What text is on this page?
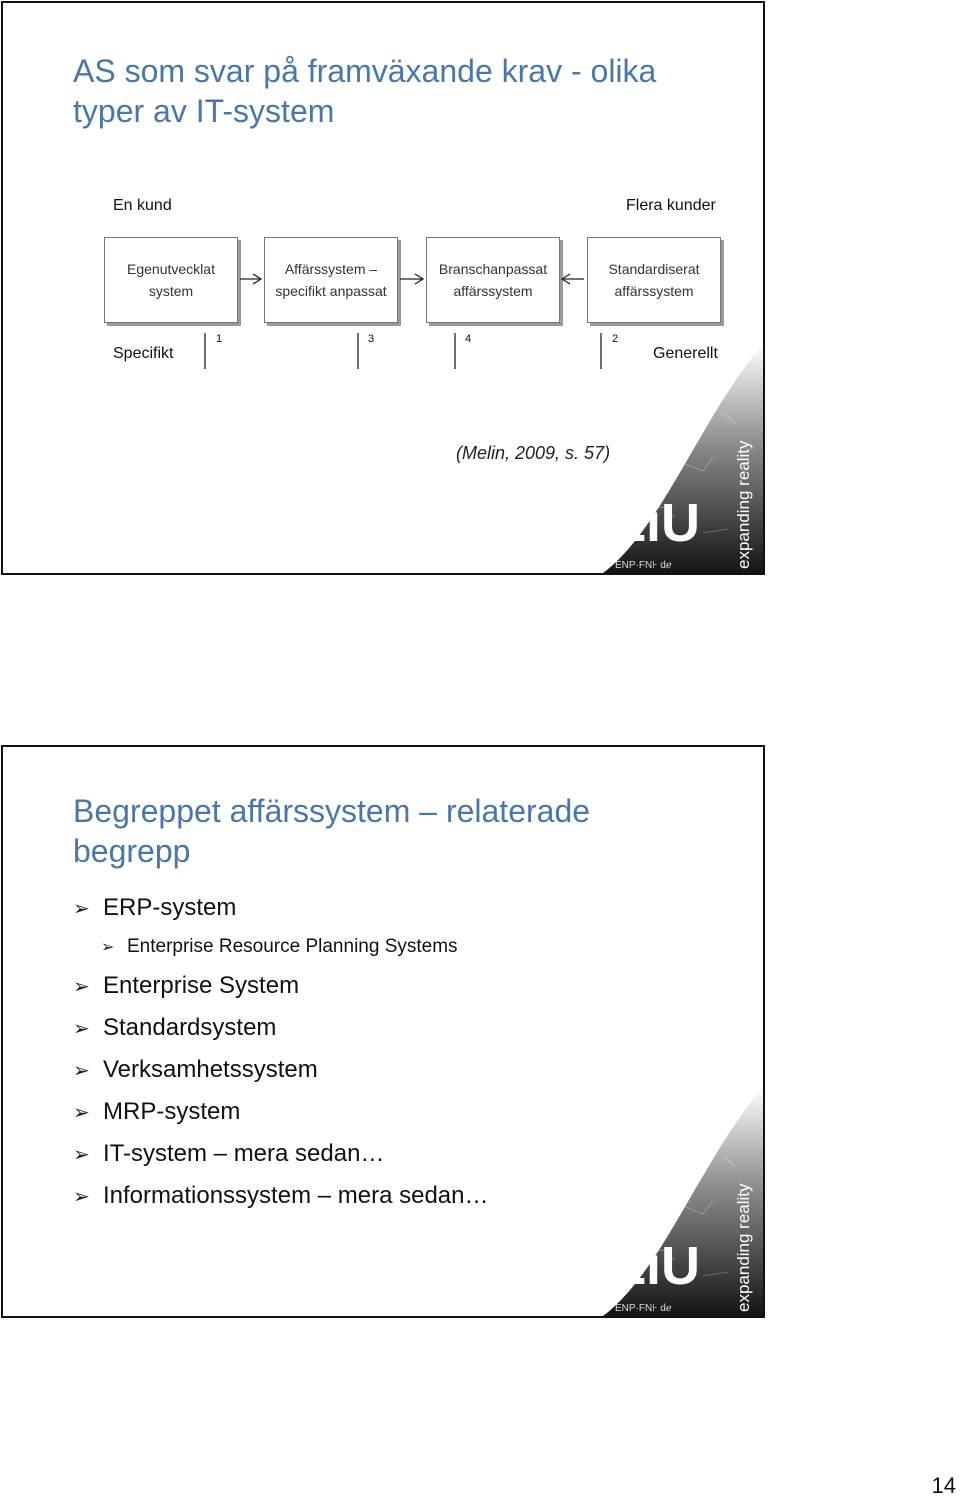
AS som svar på framväxande krav - olika
typer av IT-system
En kund	Flera kunder
Egenutvecklat
system
Affärssystem –
specifikt anpassat
Branschanpassat
affärssystem
Standardiserat
affärssystem
1	3	4	2
Specifikt	Generellt
(Melin, 2009, s. 57)
ENP·FN⊦ dℯ
LiU expanding reality
Begreppet affärssystem – relaterade
begrepp
➢ ERP-system
➢ Enterprise Resource Planning Systems
➢ Enterprise System
➢ Standardsystem
➢ Verksamhetssystem
➢ MRP-system
➢ IT-system – mera sedan…
➢ Informationssystem – mera sedan…
ENP·FN⊦ dℯ
LiU expanding reality
14
